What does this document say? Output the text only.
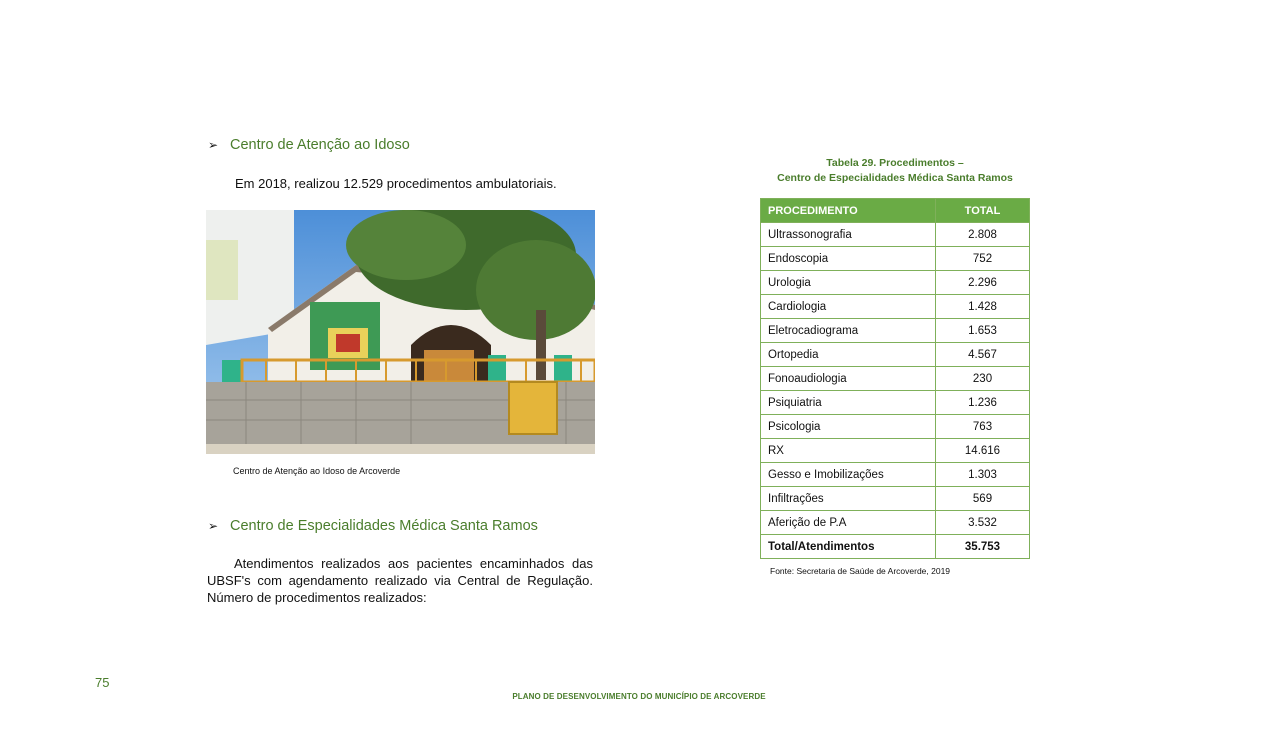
➢ Centro de Atenção ao Idoso
Em 2018, realizou 12.529 procedimentos ambulatoriais.
Centro de Atenção ao Idoso de Arcoverde
➢ Centro de Especialidades Médica Santa Ramos
Atendimentos realizados aos pacientes encaminhados das UBSF's com agendamento realizado via Central de Regulação. Número de procedimentos realizados:
Tabela 29. Procedimentos –
Centro de Especialidades Médica Santa Ramos
PROCEDIMENTO	TOTAL
Ultrassonografia	2.808
Endoscopia	752
Urologia	2.296
Cardiologia	1.428
Eletrocadiograma	1.653
Ortopedia	4.567
Fonoaudiologia	230
Psiquiatria	1.236
Psicologia	763
RX	14.616
Gesso e Imobilizações	1.303
Infiltrações	569
Aferição de P.A	3.532
Total/Atendimentos	35.753
Fonte: Secretaria de Saúde de Arcoverde, 2019
75
PLANO DE DESENVOLVIMENTO DO MUNICÍPIO DE ARCOVERDE
